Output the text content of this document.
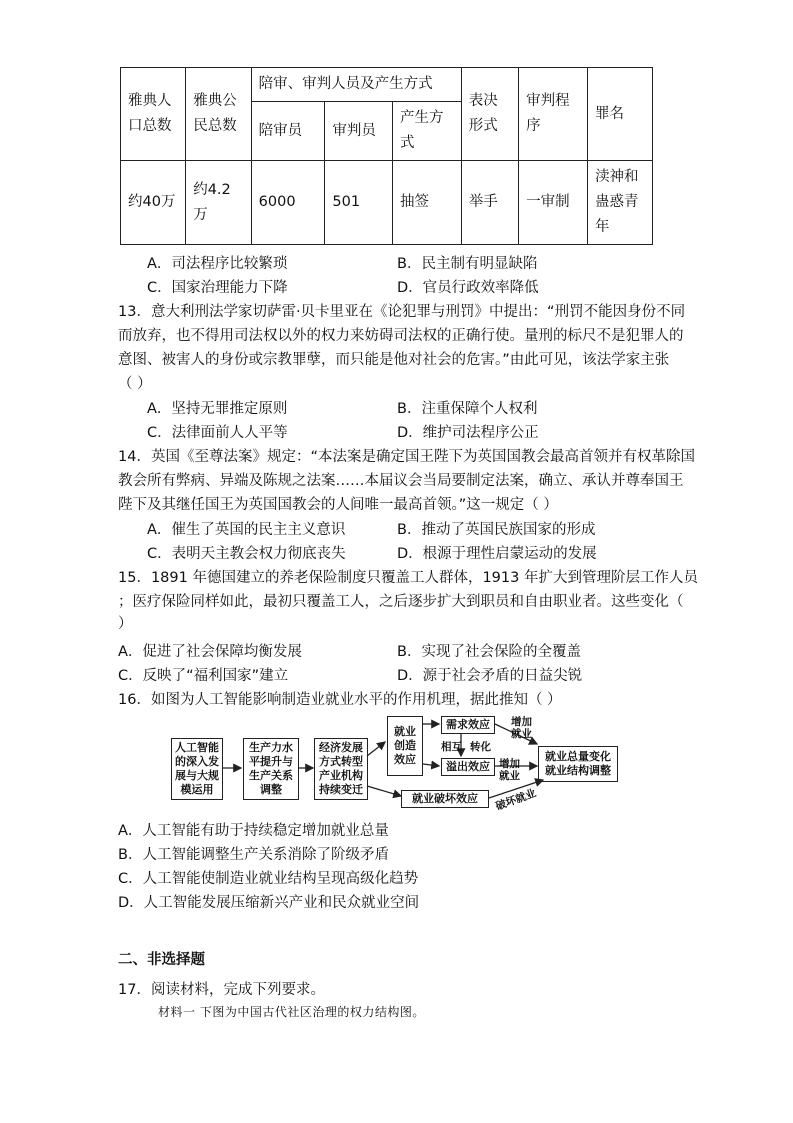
雅典人口总数	雅典公民总数	陪审、审判人员及产生方式			表决形式	审判程序	罪名
		陪审员	审判员	产生方式			
约40万	约4.2万	6000	501	抽签	举手	一审制	渎神和蛊惑青年
A．司法程序比较繁琐	B．民主制有明显缺陷
C．国家治理能力下降	D．官员行政效率降低
13．意大利刑法学家切萨雷·贝卡里亚在《论犯罪与刑罚》中提出：“刑罚不能因身份不同
而放弃，也不得用司法权以外的权力来妨碍司法权的正确行使。量刑的标尺不是犯罪人的
意图、被害人的身份或宗教罪孽，而只能是他对社会的危害。”由此可见，该法学家主张
（ ）
A．坚持无罪推定原则	B．注重保障个人权利
C．法律面前人人平等	D．维护司法程序公正
14．英国《至尊法案》规定：“本法案是确定国王陛下为英国国教会最高首领并有权革除国
教会所有弊病、异端及陈规之法案……本届议会当局要制定法案，确立、承认并尊奉国王
陛下及其继任国王为英国国教会的人间唯一最高首领。”这一规定（ ）
A．催生了英国的民主主义意识	B．推动了英国民族国家的形成
C．表明天主教会权力彻底丧失	D．根源于理性启蒙运动的发展
15．1891 年德国建立的养老保险制度只覆盖工人群体，1913 年扩大到管理阶层工作人员
；医疗保险同样如此，最初只覆盖工人，之后逐步扩大到职员和自由职业者。这些变化（
）
A．促进了社会保障均衡发展	B．实现了社会保险的全覆盖
C．反映了“福利国家”建立	D．源于社会矛盾的日益尖锐
16．如图为人工智能影响制造业就业水平的作用机理，据此推知（ ）
人工智能的深入发展与大规模运用
生产力水平提升与生产关系调整
经济发展方式转型产业机构持续变迁
就业创造效应
需求效应
溢出效应
就业破坏效应
就业总量变化就业结构调整
相互 转化
增加就业
增加就业
破坏就业
A．人工智能有助于持续稳定增加就业总量
B．人工智能调整生产关系消除了阶级矛盾
C．人工智能使制造业就业结构呈现高级化趋势
D．人工智能发展压缩新兴产业和民众就业空间
二、非选择题
17．阅读材料，完成下列要求。
材料一 下图为中国古代社区治理的权力结构图。
